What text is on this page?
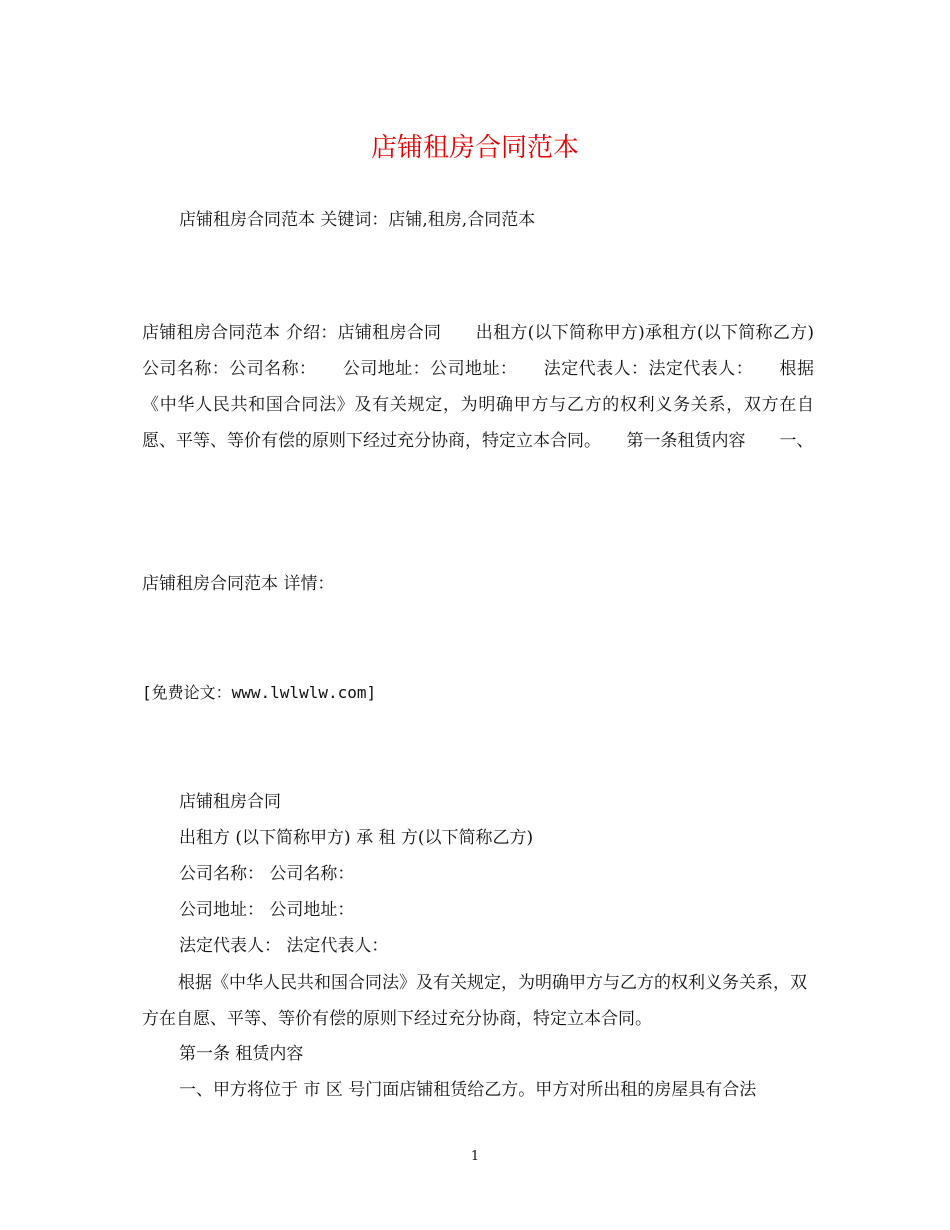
店铺租房合同范本
店铺租房合同范本 关键词：店铺,租房,合同范本
店铺租房合同范本 介绍：店铺租房合同　　出租方(以下简称甲方)承租方(以下简称乙方)　　公司名称：公司名称：　　公司地址：公司地址：　　法定代表人：法定代表人：　　根据《中华人民共和国合同法》及有关规定，为明确甲方与乙方的权利义务关系，双方在自愿、平等、等价有偿的原则下经过充分协商，特定立本合同。　　第一条租赁内容　　一、
店铺租房合同范本 详情：
[免费论文：www.lwlwlw.com]
店铺租房合同
出租方 (以下简称甲方) 承 租 方(以下简称乙方)
公司名称： 公司名称：
公司地址： 公司地址：
法定代表人： 法定代表人：
根据《中华人民共和国合同法》及有关规定，为明确甲方与乙方的权利义务关系，双方在自愿、平等、等价有偿的原则下经过充分协商，特定立本合同。
第一条 租赁内容
一、甲方将位于 市 区 号门面店铺租赁给乙方。甲方对所出租的房屋具有合法
1
